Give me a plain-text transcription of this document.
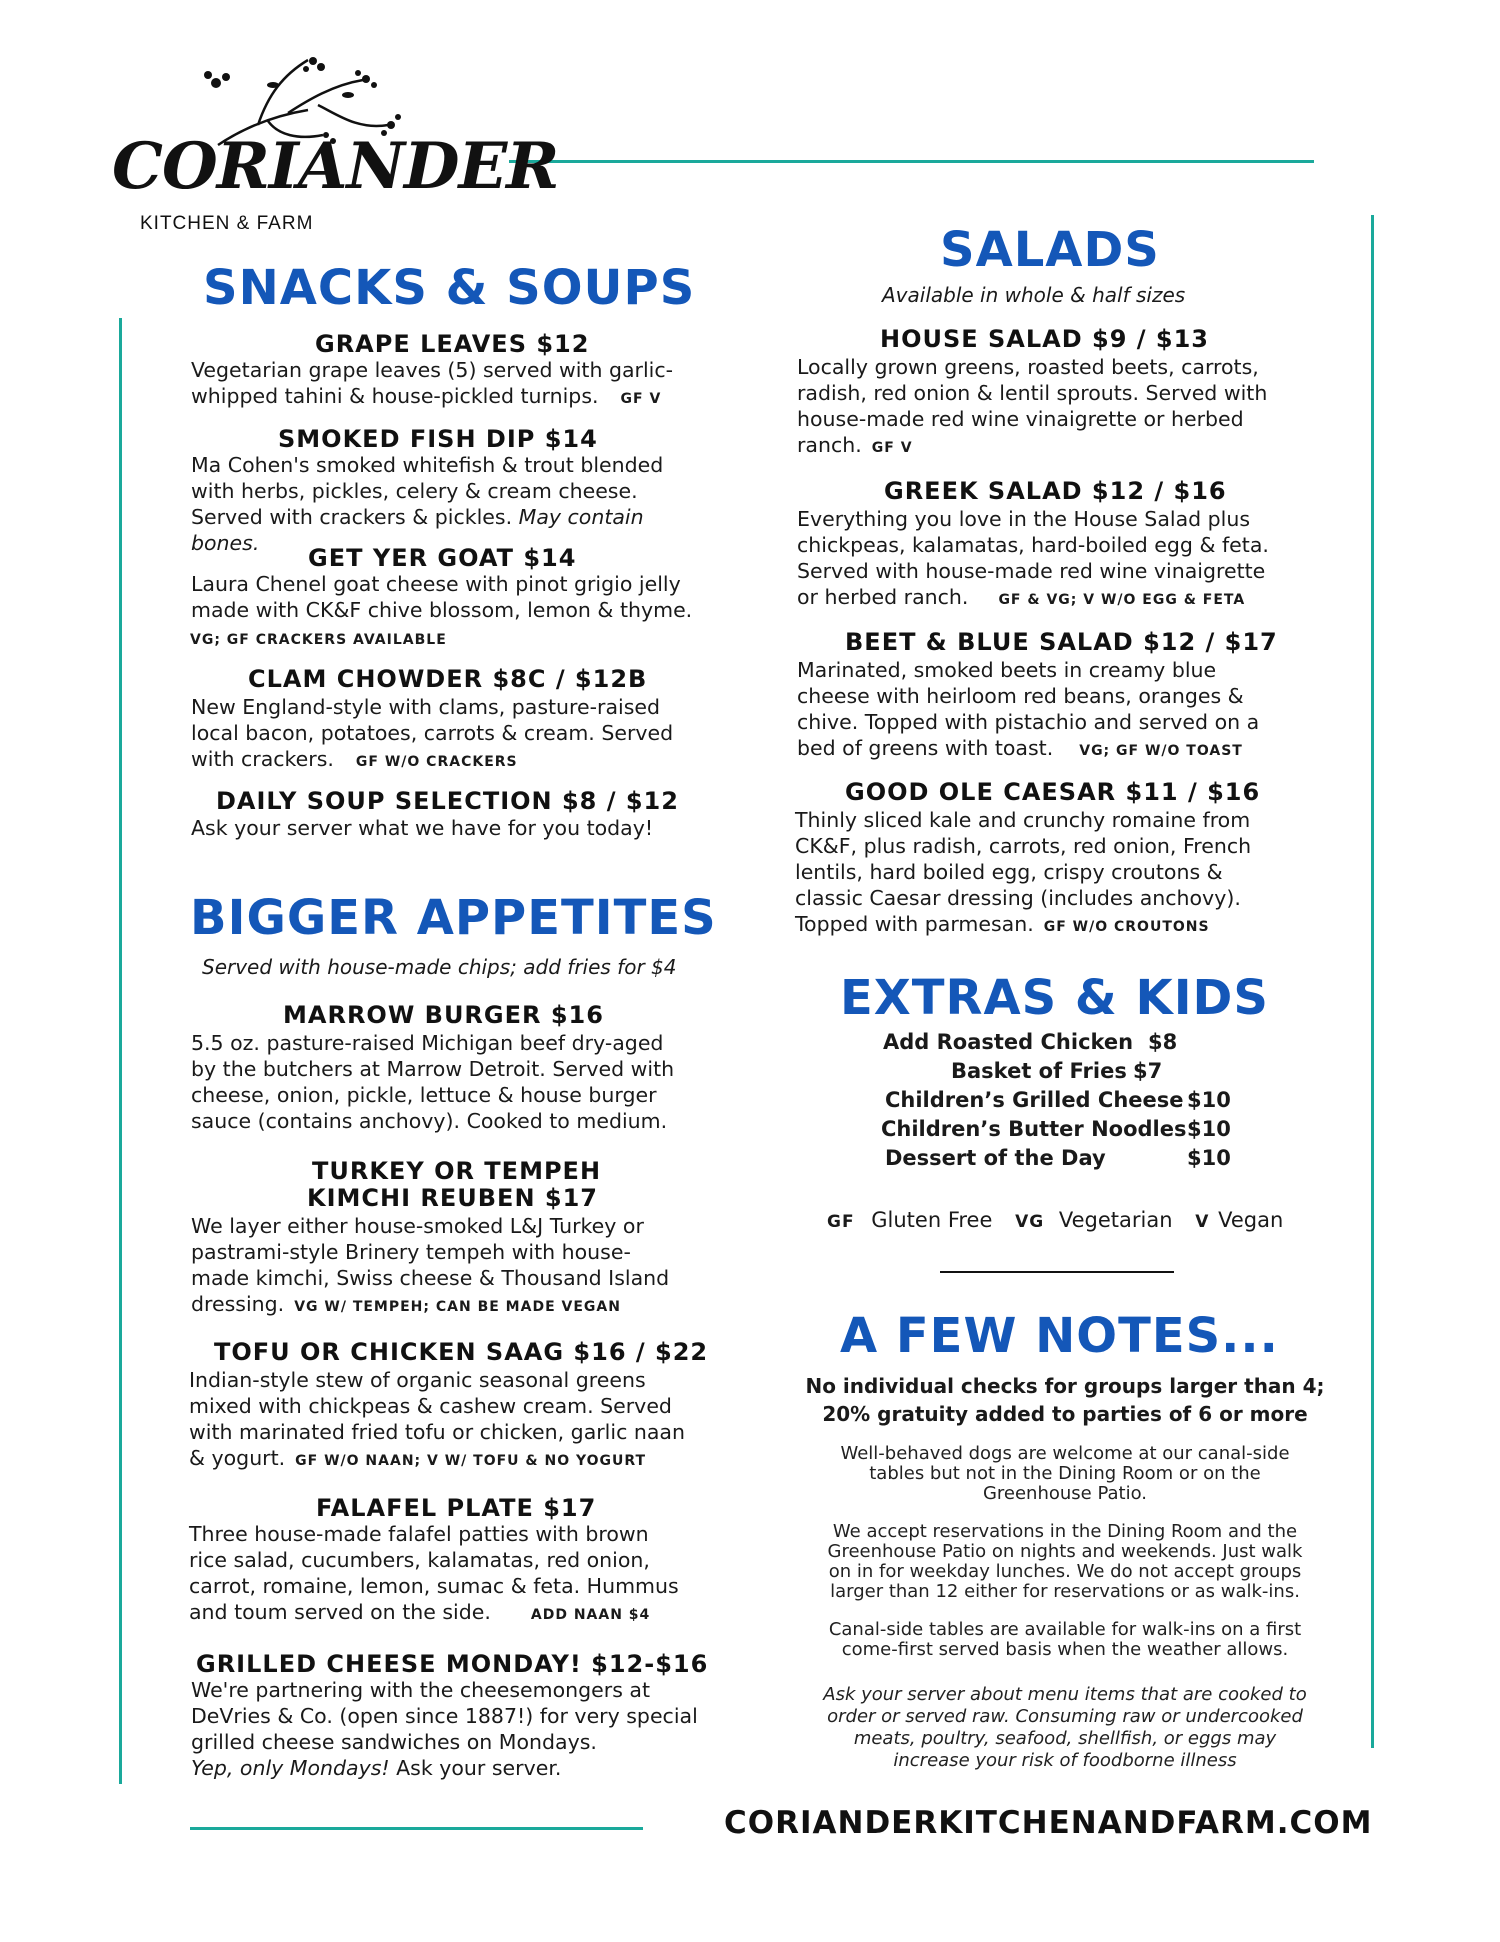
CORIANDER
KITCHEN & FARM
SNACKS & SOUPS
GRAPE LEAVES $12
Vegetarian grape leaves (5) served with garlic-
whipped tahini & house-pickled turnips. GF V
SMOKED FISH DIP $14
Ma Cohen's smoked whitefish & trout blended
with herbs, pickles, celery & cream cheese.
Served with crackers & pickles. May contain
bones.
GET YER GOAT $14
Laura Chenel goat cheese with pinot grigio jelly
made with CK&F chive blossom, lemon & thyme.
VG; GF CRACKERS AVAILABLE
CLAM CHOWDER $8C / $12B
New England-style with clams, pasture-raised
local bacon, potatoes, carrots & cream. Served
with crackers. GF W/O CRACKERS
DAILY SOUP SELECTION $8 / $12
Ask your server what we have for you today!
BIGGER APPETITES
Served with house-made chips; add fries for $4
MARROW BURGER $16
5.5 oz. pasture-raised Michigan beef dry-aged
by the butchers at Marrow Detroit. Served with
cheese, onion, pickle, lettuce & house burger
sauce (contains anchovy). Cooked to medium.
TURKEY OR TEMPEH
KIMCHI REUBEN $17
We layer either house-smoked L&J Turkey or
pastrami-style Brinery tempeh with house-
made kimchi, Swiss cheese & Thousand Island
dressing. VG W/ TEMPEH; CAN BE MADE VEGAN
TOFU OR CHICKEN SAAG $16 / $22
Indian-style stew of organic seasonal greens
mixed with chickpeas & cashew cream. Served
with marinated fried tofu or chicken, garlic naan
& yogurt. GF W/O NAAN; V W/ TOFU & NO YOGURT
FALAFEL PLATE $17
Three house-made falafel patties with brown
rice salad, cucumbers, kalamatas, red onion,
carrot, romaine, lemon, sumac & feta. Hummus
and toum served on the side.	ADD NAAN $4
GRILLED CHEESE MONDAY! $12-$16
We're partnering with the cheesemongers at
DeVries & Co. (open since 1887!) for very special
grilled cheese sandwiches on Mondays.
Yep, only Mondays! Ask your server.
SALADS
Available in whole & half sizes
HOUSE SALAD $9 / $13
Locally grown greens, roasted beets, carrots,
radish, red onion & lentil sprouts. Served with
house-made red wine vinaigrette or herbed
ranch. GF V
GREEK SALAD $12 / $16
Everything you love in the House Salad plus
chickpeas, kalamatas, hard-boiled egg & feta.
Served with house-made red wine vinaigrette
or herbed ranch. GF & VG; V W/O EGG & FETA
BEET & BLUE SALAD $12 / $17
Marinated, smoked beets in creamy blue
cheese with heirloom red beans, oranges &
chive. Topped with pistachio and served on a
bed of greens with toast. VG; GF W/O TOAST
GOOD OLE CAESAR $11 / $16
Thinly sliced kale and crunchy romaine from
CK&F, plus radish, carrots, red onion, French
lentils, hard boiled egg, crispy croutons &
classic Caesar dressing (includes anchovy).
Topped with parmesan. GF W/O CROUTONS
EXTRAS & KIDS
Add Roasted Chicken $8
Basket of Fries $7
Children’s Grilled Cheese $10
Children’s Butter Noodles $10
Dessert of the Day	$10
GF Gluten Free VG Vegetarian V Vegan
A FEW NOTES...
No individual checks for groups larger than 4;
20% gratuity added to parties of 6 or more
Well-behaved dogs are welcome at our canal-side
tables but not in the Dining Room or on the
Greenhouse Patio.
We accept reservations in the Dining Room and the
Greenhouse Patio on nights and weekends. Just walk
on in for weekday lunches. We do not accept groups
larger than 12 either for reservations or as walk-ins.
Canal-side tables are available for walk-ins on a first
come-first served basis when the weather allows.
Ask your server about menu items that are cooked to
order or served raw. Consuming raw or undercooked
meats, poultry, seafood, shellfish, or eggs may
increase your risk of foodborne illness
CORIANDERKITCHENANDFARM.COM
